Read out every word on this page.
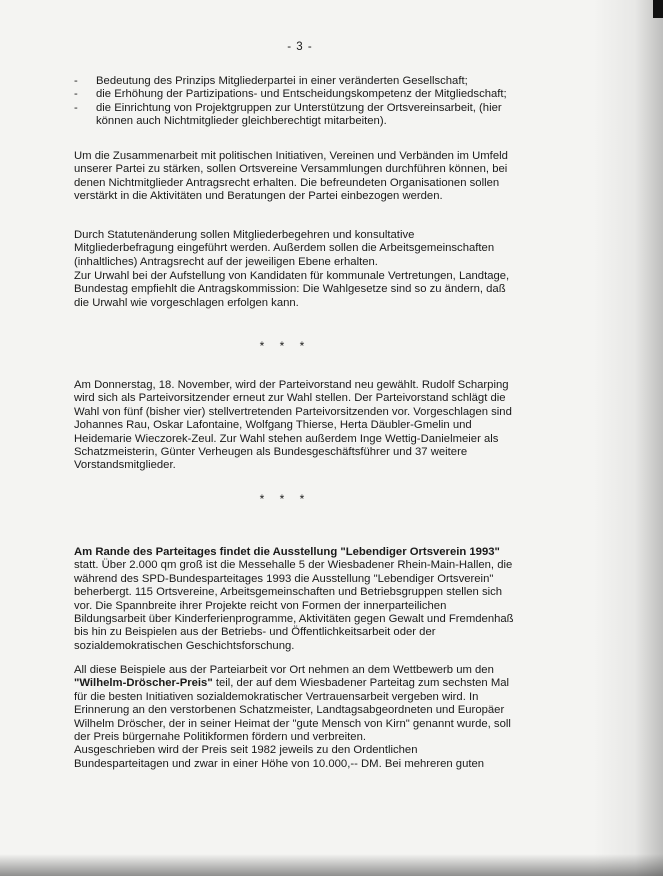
- 3 -
- Bedeutung des Prinzips Mitgliederpartei in einer veränderten Gesellschaft;
- die Erhöhung der Partizipations- und Entscheidungskompetenz der Mitgliedschaft;
- die Einrichtung von Projektgruppen zur Unterstützung der Ortsvereinsarbeit, (hier können auch Nichtmitglieder gleichberechtigt mitarbeiten).

Um die Zusammenarbeit mit politischen Initiativen, Vereinen und Verbänden im Umfeld unserer Partei zu stärken, sollen Ortsvereine Versammlungen durchführen können, bei denen Nichtmitglieder Antragsrecht erhalten. Die befreundeten Organisationen sollen verstärkt in die Aktivitäten und Beratungen der Partei einbezogen werden.

Durch Statutenänderung sollen Mitgliederbegehren und konsultative Mitgliederbefragung eingeführt werden. Außerdem sollen die Arbeitsgemeinschaften (inhaltliches) Antragsrecht auf der jeweiligen Ebene erhalten.

Zur Urwahl bei der Aufstellung von Kandidaten für kommunale Vertretungen, Landtage, Bundestag empfiehlt die Antragskommission: Die Wahlgesetze sind so zu ändern, daß die Urwahl wie vorgeschlagen erfolgen kann.

* * *

Am Donnerstag, 18. November, wird der Parteivorstand neu gewählt. Rudolf Scharping wird sich als Parteivorsitzender erneut zur Wahl stellen. Der Parteivorstand schlägt die Wahl von fünf (bisher vier) stellvertretenden Parteivorsitzenden vor. Vorgeschlagen sind Johannes Rau, Oskar Lafontaine, Wolfgang Thierse, Herta Däubler-Gmelin und Heidemarie Wieczorek-Zeul. Zur Wahl stehen außerdem Inge Wettig-Danielmeier als Schatzmeisterin, Günter Verheugen als Bundesgeschäftsführer und 37 weitere Vorstandsmitglieder.

* * *

Am Rande des Parteitages findet die Ausstellung "Lebendiger Ortsverein 1993" statt. Über 2.000 qm groß ist die Messehalle 5 der Wiesbadener Rhein-Main-Hallen, die während des SPD-Bundesparteitages 1993 die Ausstellung "Lebendiger Ortsverein" beherbergt. 115 Ortsvereine, Arbeitsgemeinschaften und Betriebsgruppen stellen sich vor. Die Spannbreite ihrer Projekte reicht von Formen der innerparteilichen Bildungsarbeit über Kinderferienprogramme, Aktivitäten gegen Gewalt und Fremdenhaß bis hin zu Beispielen aus der Betriebs- und Öffentlichkeitsarbeit oder der sozialdemokratischen Geschichtsforschung.

All diese Beispiele aus der Parteiarbeit vor Ort nehmen an dem Wettbewerb um den "Wilhelm-Dröscher-Preis" teil, der auf dem Wiesbadener Parteitag zum sechsten Mal für die besten Initiativen sozialdemokratischer Vertrauensarbeit vergeben wird. In Erinnerung an den verstorbenen Schatzmeister, Landtagsabgeordneten und Europäer Wilhelm Dröscher, der in seiner Heimat der "gute Mensch von Kirn" genannt wurde, soll der Preis bürgernahe Politikformen fördern und verbreiten.
Ausgeschrieben wird der Preis seit 1982 jeweils zu den Ordentlichen Bundesparteitagen und zwar in einer Höhe von 10.000,-- DM. Bei mehreren guten
